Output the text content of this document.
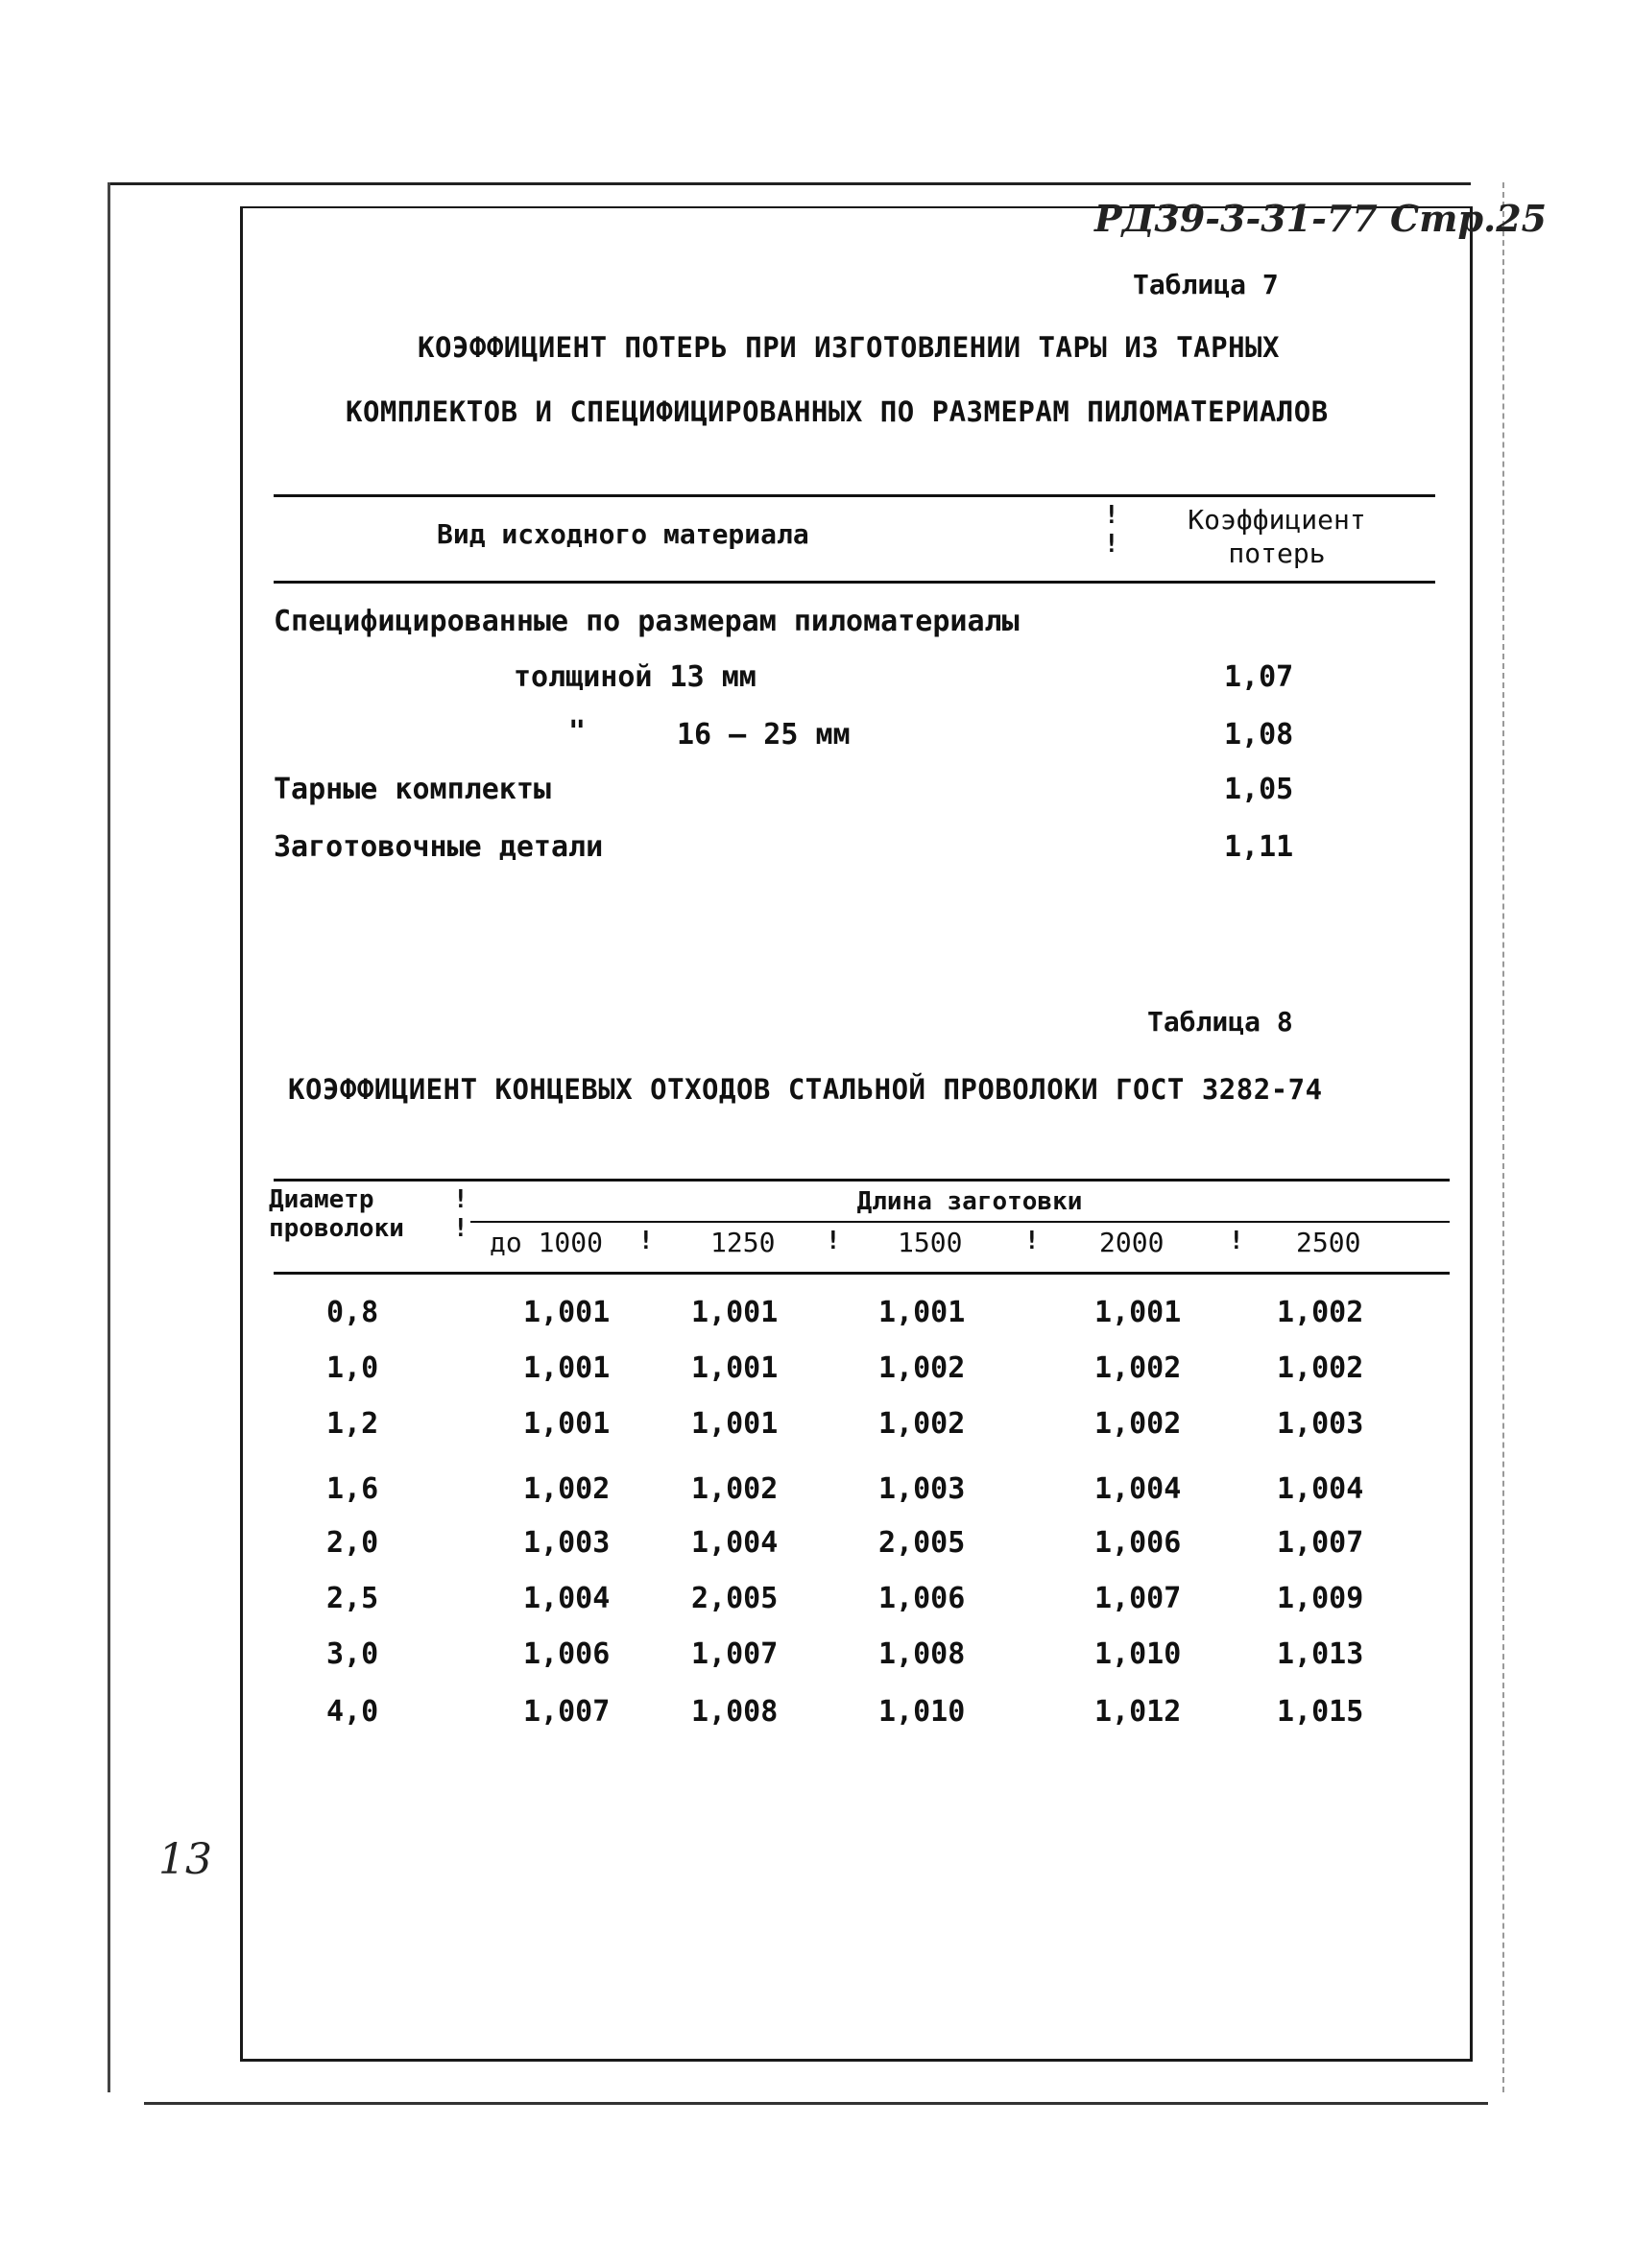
РД39-3-31-77 Стр.25
Таблица 7
КОЭФФИЦИЕНТ ПОТЕРЬ ПРИ ИЗГОТОВЛЕНИИ ТАРЫ ИЗ ТАРНЫХ
КОМПЛЕКТОВ И СПЕЦИФИЦИРОВАННЫХ ПО РАЗМЕРАМ ПИЛОМАТЕРИАЛОВ
Вид исходного материала
!
!
Коэффициент
потерь
Специфицированные по размерам пиломатериалы
толщиной 13 мм	1,07
"	16 – 25 мм	1,08
Тарные комплекты	1,05
Заготовочные детали	1,11
Таблица 8
КОЭФФИЦИЕНТ КОНЦЕВЫХ ОТХОДОВ СТАЛЬНОЙ ПРОВОЛОКИ ГОСТ 3282-74
Диаметр
проволоки
!
!
Длина заготовки
до 1000 ! 1250 ! 1500 ! 2000	! 2500
0,8	1,001	1,001	1,001	1,001	1,002
1,0	1,001	1,001	1,002	1,002	1,002
1,2	1,001	1,001	1,002	1,002	1,003
1,6	1,002	1,002	1,003	1,004	1,004
2,0	1,003	1,004	2,005	1,006	1,007
2,5	1,004	2,005	1,006	1,007	1,009
3,0	1,006	1,007	1,008	1,010	1,013
4,0	1,007	1,008	1,010	1,012	1,015
13
